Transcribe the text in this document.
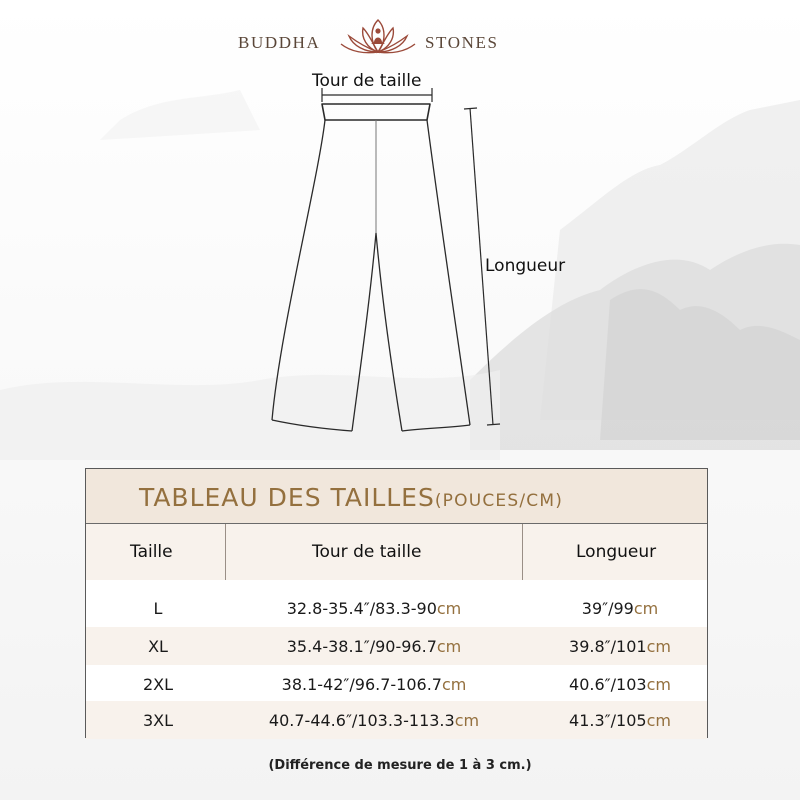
BUDDHA	STONES
Tour de taille
Longueur
TABLEAU DES TAILLES(POUCES/CM)
Taille	Tour de taille	Longueur
L	32.8-35.4″/83.3-90cm	39″/99cm
XL	35.4-38.1″/90-96.7cm	39.8″/101cm
2XL	38.1-42″/96.7-106.7cm	40.6″/103cm
3XL	40.7-44.6″/103.3-113.3cm	41.3″/105cm
(Différence de mesure de 1 à 3 cm.)
